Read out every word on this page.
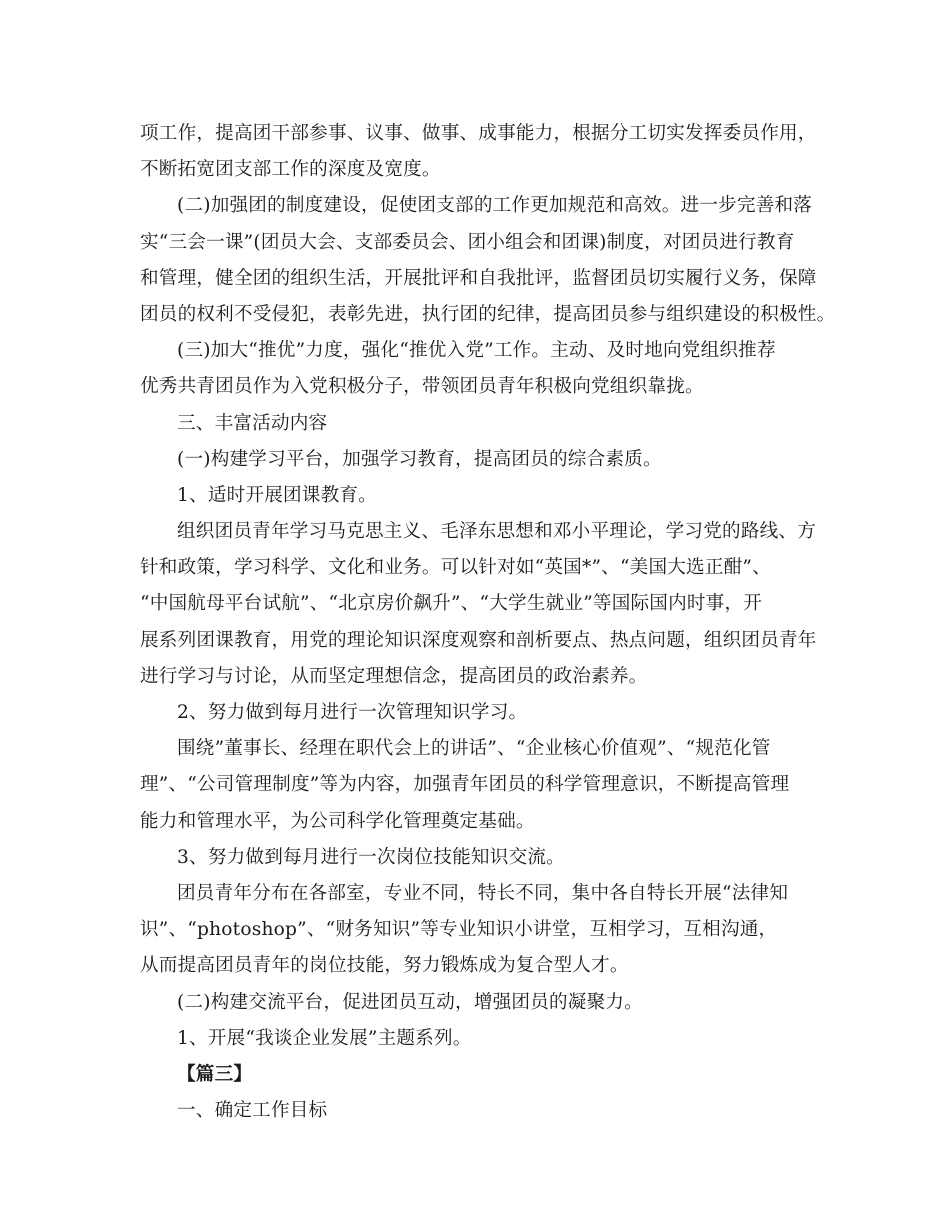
项工作，提高团干部参事、议事、做事、成事能力，根据分工切实发挥委员作用，
不断拓宽团支部工作的深度及宽度。
(二)加强团的制度建设，促使团支部的工作更加规范和高效。进一步完善和落
实“三会一课”(团员大会、支部委员会、团小组会和团课)制度，对团员进行教育
和管理，健全团的组织生活，开展批评和自我批评，监督团员切实履行义务，保障
团员的权利不受侵犯，表彰先进，执行团的纪律，提高团员参与组织建设的积极性。
(三)加大“推优”力度，强化“推优入党”工作。主动、及时地向党组织推荐
优秀共青团员作为入党积极分子，带领团员青年积极向党组织靠拢。
三、丰富活动内容
(一)构建学习平台，加强学习教育，提高团员的综合素质。
1、适时开展团课教育。
组织团员青年学习马克思主义、毛泽东思想和邓小平理论，学习党的路线、方
针和政策，学习科学、文化和业务。可以针对如“英国*”、“美国大选正酣”、
“中国航母平台试航”、“北京房价飙升”、“大学生就业”等国际国内时事，开
展系列团课教育，用党的理论知识深度观察和剖析要点、热点问题，组织团员青年
进行学习与讨论，从而坚定理想信念，提高团员的政治素养。
2、努力做到每月进行一次管理知识学习。
围绕”董事长、经理在职代会上的讲话”、“企业核心价值观”、“规范化管
理”、“公司管理制度”等为内容，加强青年团员的科学管理意识，不断提高管理
能力和管理水平，为公司科学化管理奠定基础。
3、努力做到每月进行一次岗位技能知识交流。
团员青年分布在各部室，专业不同，特长不同，集中各自特长开展“法律知
识”、“photoshop”、“财务知识”等专业知识小讲堂，互相学习，互相沟通，
从而提高团员青年的岗位技能，努力锻炼成为复合型人才。
(二)构建交流平台，促进团员互动，增强团员的凝聚力。
1、开展“我谈企业发展”主题系列。
【篇三】
一、确定工作目标
